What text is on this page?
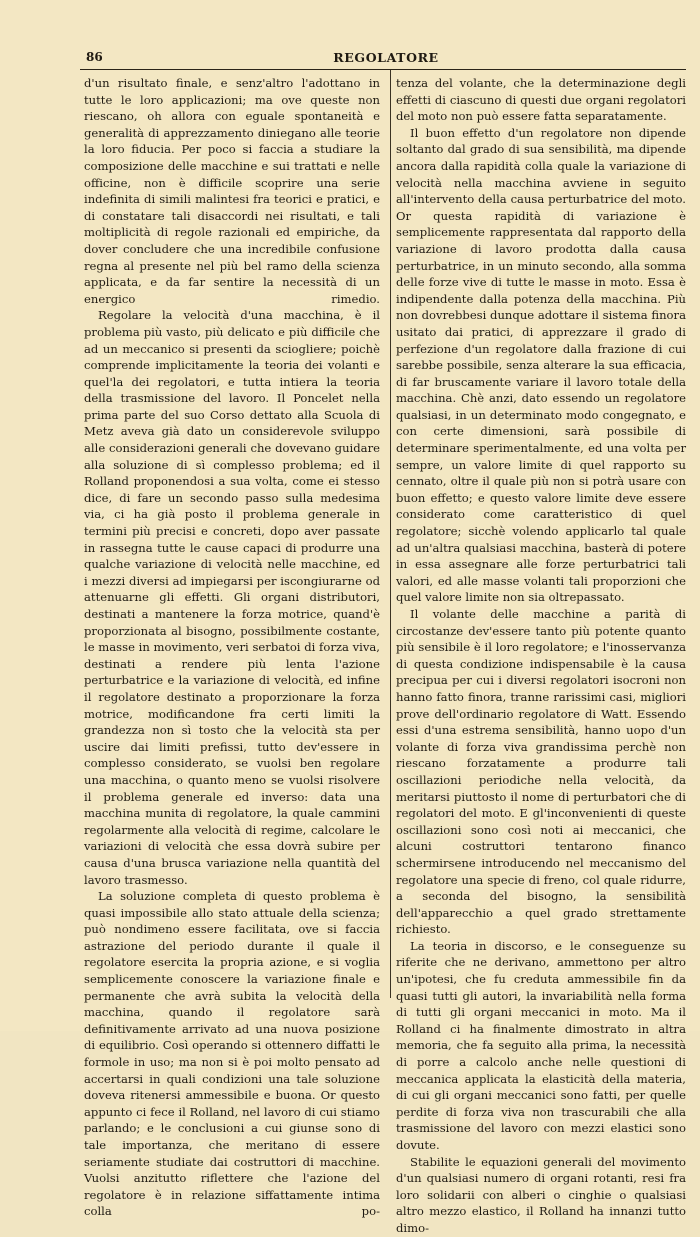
86	REGOLATORE

d'un risultato finale, e senz'altro l'adottano in tutte le loro applicazioni; ma ove queste non riescano, oh allora con eguale spontaneità e generalità di apprezzamento diniegano alle teorie la loro fiducia. Per poco si faccia a studiare la composizione delle macchine e sui trattati e nelle officine, non è difficile scoprire una serie indefinita di simili malintesi fra teorici e pratici, e di constatare tali disaccordi nei risultati, e tali moltiplicità di regole razionali ed empiriche, da dover concludere che una incredibile confusione regna al presente nel più bel ramo della scienza applicata, e da far sentire la necessità di un energico rimedio.

Regolare la velocità d'una macchina, è il problema più vasto, più delicato e più difficile che ad un meccanico si presenti da sciogliere; poichè comprende implicitamente la teoria dei volanti e quel'la dei regolatori, e tutta intiera la teoria della trasmissione del lavoro. Il Poncelet nella prima parte del suo Corso dettato alla Scuola di Metz aveva già dato un considerevole sviluppo alle considerazioni generali che dovevano guidare alla soluzione di sì complesso problema; ed il Rolland proponendosi a sua volta, come ei stesso dice, di fare un secondo passo sulla medesima via, ci ha già posto il problema generale in termini più precisi e concreti, dopo aver passate in rassegna tutte le cause capaci di produrre una qualche variazione di velocità nelle macchine, ed i mezzi diversi ad impiegarsi per iscongiurarne od attenuarne gli effetti. Gli organi distributori, destinati a mantenere la forza motrice, quand'è proporzionata al bisogno, possibilmente costante, le masse in movimento, veri serbatoi di forza viva, destinati a rendere più lenta l'azione perturbatrice e la variazione di velocità, ed infine il regolatore destinato a proporzionare la forza motrice, modificandone fra certi limiti la grandezza non sì tosto che la velocità sta per uscire dai limiti prefissi, tutto dev'essere in complesso considerato, se vuolsi ben regolare una macchina, o quanto meno se vuolsi risolvere il problema generale ed inverso: data una macchina munita di regolatore, la quale cammini regolarmente alla velocità di regime, calcolare le variazioni di velocità che essa dovrà subire per causa d'una brusca variazione nella quantità del lavoro trasmesso.

La soluzione completa di questo problema è quasi impossibile allo stato attuale della scienza; può nondimeno essere facilitata, ove si faccia astrazione del periodo durante il quale il regolatore esercita la propria azione, e si voglia semplicemente conoscere la variazione finale e permanente che avrà subita la velocità della macchina, quando il regolatore sarà definitivamente arrivato ad una nuova posizione di equilibrio. Così operando si ottennero diffatti le formole in uso; ma non si è poi molto pensato ad accertarsi in quali condizioni una tale soluzione doveva ritenersi ammessibile e buona. Or questo appunto ci fece il Rolland, nel lavoro di cui stiamo parlando; e le conclusioni a cui giunse sono di tale importanza, che meritano di essere seriamente studiate dai costruttori di macchine. Vuolsi anzitutto riflettere che l'azione del regolatore è in relazione siffattamente intima colla po-

tenza del volante, che la determinazione degli effetti di ciascuno di questi due organi regolatori del moto non può essere fatta separatamente.

Il buon effetto d'un regolatore non dipende soltanto dal grado di sua sensibilità, ma dipende ancora dalla rapidità colla quale la variazione di velocità nella macchina avviene in seguito all'intervento della causa perturbatrice del moto. Or questa rapidità di variazione è semplicemente rappresentata dal rapporto della variazione di lavoro prodotta dalla causa perturbatrice, in un minuto secondo, alla somma delle forze vive di tutte le masse in moto. Essa è indipendente dalla potenza della macchina. Più non dovrebbesi dunque adottare il sistema finora usitato dai pratici, di apprezzare il grado di perfezione d'un regolatore dalla frazione di cui sarebbe possibile, senza alterare la sua efficacia, di far bruscamente variare il lavoro totale della macchina. Chè anzi, dato essendo un regolatore qualsiasi, in un determinato modo congegnato, e con certe dimensioni, sarà possibile di determinare sperimentalmente, ed una volta per sempre, un valore limite di quel rapporto su cennato, oltre il quale più non si potrà usare con buon effetto; e questo valore limite deve essere considerato come caratteristico di quel regolatore; sicchè volendo applicarlo tal quale ad un'altra qualsiasi macchina, basterà di potere in essa assegnare alle forze perturbatrici tali valori, ed alle masse volanti tali proporzioni che quel valore limite non sia oltrepassato.

Il volante delle macchine a parità di circostanze dev'essere tanto più potente quanto più sensibile è il loro regolatore; e l'inosservanza di questa condizione indispensabile è la causa precipua per cui i diversi regolatori isocroni non hanno fatto finora, tranne rarissimi casi, migliori prove dell'ordinario regolatore di Watt. Essendo essi d'una estrema sensibilità, hanno uopo d'un volante di forza viva grandissima perchè non riescano forzatamente a produrre tali oscillazioni periodiche nella velocità, da meritarsi piuttosto il nome di perturbatori che di regolatori del moto. E gl'inconvenienti di queste oscillazioni sono così noti ai meccanici, che alcuni costruttori tentarono financo schermirsene introducendo nel meccanismo del regolatore una specie di freno, col quale ridurre, a seconda del bisogno, la sensibilità dell'apparecchio a quel grado strettamente richiesto.

La teoria in discorso, e le conseguenze su riferite che ne derivano, ammettono per altro un'ipotesi, che fu creduta ammessibile fin da quasi tutti gli autori, la invariabilità nella forma di tutti gli organi meccanici in moto. Ma il Rolland ci ha finalmente dimostrato in altra memoria, che fa seguito alla prima, la necessità di porre a calcolo anche nelle questioni di meccanica applicata la elasticità della materia, di cui gli organi meccanici sono fatti, per quelle perdite di forza viva non trascurabili che alla trasmissione del lavoro con mezzi elastici sono dovute.

Stabilite le equazioni generali del movimento d'un qualsiasi numero di organi rotanti, resi fra loro solidarii con alberi o cinghie o qualsiasi altro mezzo elastico, il Rolland ha innanzi tutto dimo-
